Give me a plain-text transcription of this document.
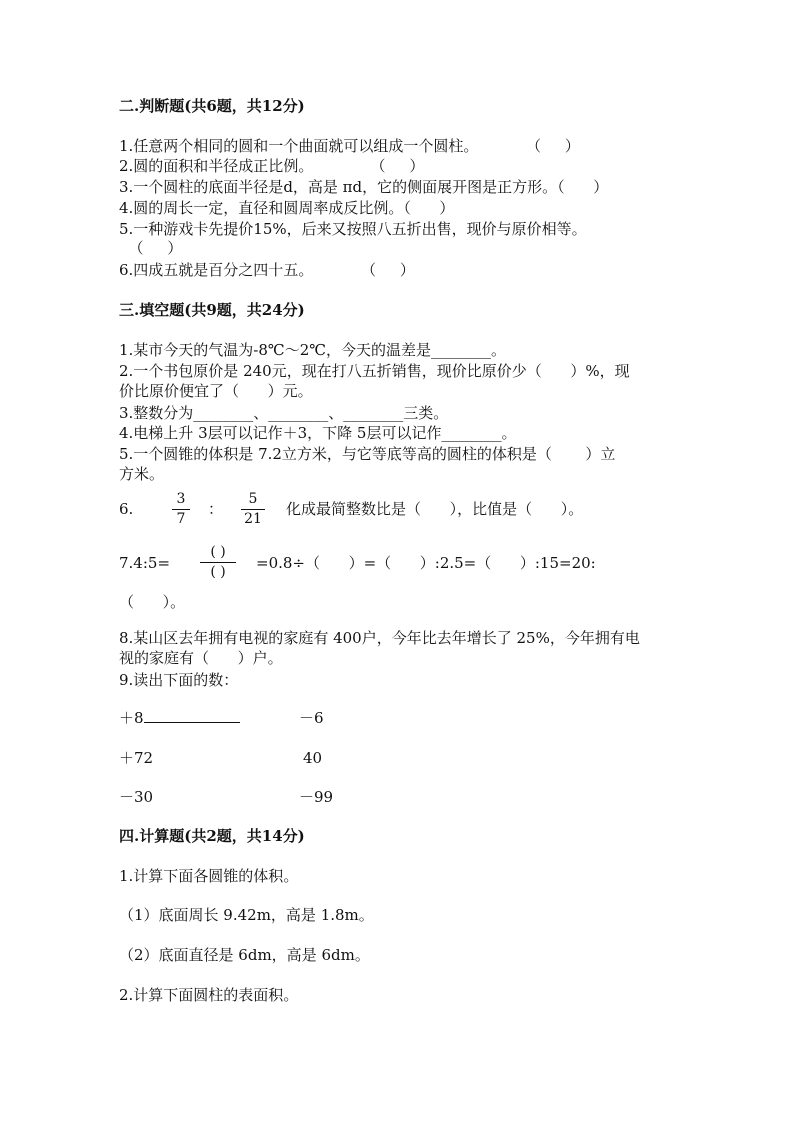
二.判断题(共6题，共12分)
1.任意两个相同的圆和一个曲面就可以组成一个圆柱。          （     ）
2.圆的面积和半径成正比例。            （     ）
3.一个圆柱的底面半径是d，高是 πd，它的侧面展开图是正方形。（      ）
4.圆的周长一定，直径和圆周率成反比例。（      ）
5.一种游戏卡先提价15%，后来又按照八五折出售，现价与原价相等。
（     ）
6.四成五就是百分之四十五。          （     ）
三.填空题(共9题，共24分)
1.某市今天的气温为-8℃～2℃，今天的温差是________。
2.一个书包原价是 240元，现在打八五折销售，现价比原价少（      ）%，现
价比原价便宜了（      ）元。
3.整数分为________、________、________三类。
4.电梯上升 3层可以记作＋3，下降 5层可以记作________。
5.一个圆锥的体积是 7.2立方米，与它等底等高的圆柱的体积是（       ）立
方米。
6.
3
7
：
5
21
化成最简整数比是（      ），比值是（      ）。
7.4:5=
( )
( )	=0.8÷（      ）=（      ）:2.5=（      ）:15=20:
（      ）。
8.某山区去年拥有电视的家庭有 400户，今年比去年增长了 25%，今年拥有电
视的家庭有（      ）户。
9.读出下面的数：
＋8	－6
＋72	40
－30	－99
四.计算题(共2题，共14分)
1.计算下面各圆锥的体积。
（1）底面周长 9.42m，高是 1.8m。
（2）底面直径是 6dm，高是 6dm。
2.计算下面圆柱的表面积。
